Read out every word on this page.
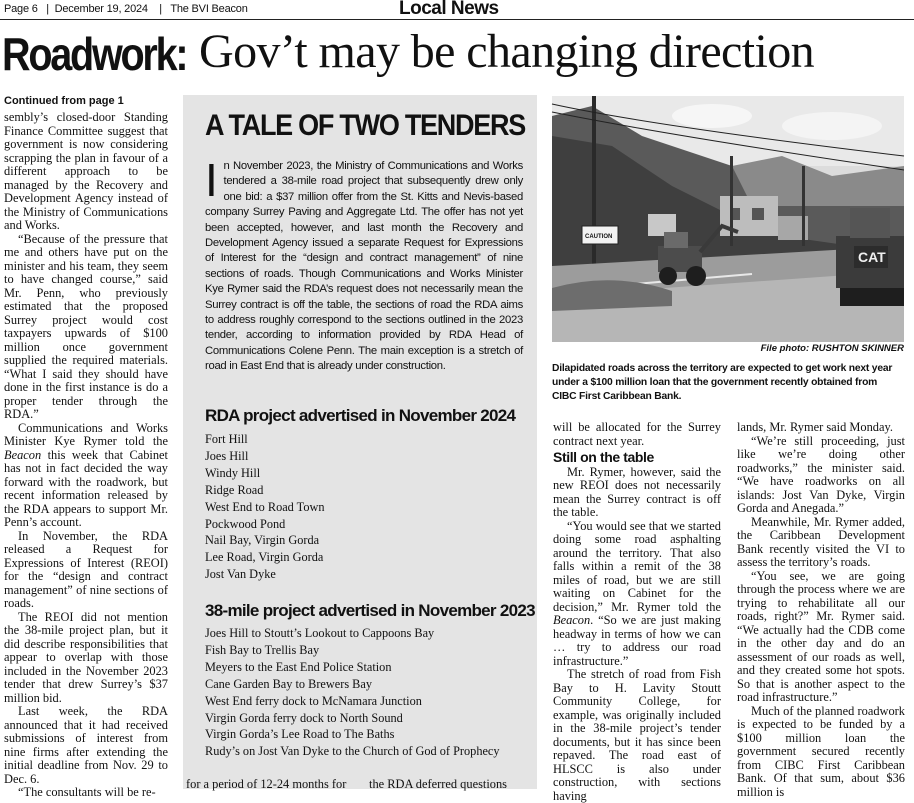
Page 6   |  December 19, 2024    |   The BVI Beacon	Local News
Roadwork: Gov’t may be changing direction
Continued from page 1

sembly’s closed-door Standing Finance Committee suggest that government is now considering scrapping the plan in favour of a different approach to be managed by the Recovery and Development Agency instead of the Ministry of Communications and Works.

“Because of the pressure that me and others have put on the minister and his team, they seem to have changed course,” said Mr. Penn, who previously estimated that the proposed Surrey project would cost taxpayers upwards of $100 million once government supplied the required materials. “What I said they should have done in the first instance is do a proper tender through the RDA.”

Communications and Works Minister Kye Rymer told the Beacon this week that Cabinet has not in fact decided the way forward with the roadwork, but recent information released by the RDA appears to support Mr. Penn’s account.

In November, the RDA released a Request for Expressions of Interest (REOI) for the “design and contract management” of nine sections of roads.

The REOI did not mention the 38-mile project plan, but it did describe responsibilities that appear to overlap with those included in the November 2023 tender that drew Surrey’s $37 million bid.

Last week, the RDA announced that it had received submissions of interest from nine firms after extending the initial deadline from Nov. 29 to Dec. 6.

“The consultants will be re-

A TALE OF TWO TENDERS
In November 2023, the Ministry of Communications and Works tendered a 38-mile road project that subsequently drew only one bid: a $37 million offer from the St. Kitts and Nevis-based company Surrey Paving and Aggregate Ltd. The offer has not yet been accepted, however, and last month the Recovery and Development Agency issued a separate Request for Expressions of Interest for the “design and contract management” of nine sections of roads. Though Communications and Works Minister Kye Rymer said the RDA’s request does not necessarily mean the Surrey contract is off the table, the sections of road the RDA aims to address roughly correspond to the sections outlined in the 2023 tender, according to information provided by RDA Head of Communications Colene Penn. The main exception is a stretch of road in East End that is already under construction.
RDA project advertised in November 2024
Fort Hill
Joes Hill
Windy Hill
Ridge Road
West End to Road Town
Pockwood Pond
Nail Bay, Virgin Gorda
Lee Road, Virgin Gorda
Jost Van Dyke
38-mile project advertised in November 2023
Joes Hill to Stoutt’s Lookout to Cappoons Bay
Fish Bay to Trellis Bay
Meyers to the East End Police Station
Cane Garden Bay to Brewers Bay
West End ferry dock to McNamara Junction
Virgin Gorda ferry dock to North Sound
Virgin Gorda’s Lee Road to The Baths
Rudy’s on Jost Van Dyke to the Church of God of Prophecy
for a period of 12-24 months for the RDA deferred questions
CAT
CAUTION
File photo: RUSHTON SKINNER
Dilapidated roads across the territory are expected to get work next year under a $100 million loan that the government recently obtained from CIBC First Caribbean Bank.

will be allocated for the Surrey contract next year.

Still on the table

Mr. Rymer, however, said the new REOI does not necessarily mean the Surrey contract is off the table.

“You would see that we started doing some road asphalting around the territory. That also falls within a remit of the 38 miles of road, but we are still waiting on Cabinet for the decision,” Mr. Rymer told the Beacon. “So we are just making headway in terms of how we can … try to address our road infrastructure.”

The stretch of road from Fish Bay to H. Lavity Stoutt Community College, for example, was originally included in the 38-mile project’s tender documents, but it has since been repaved. The road east of HLSCC is also under construction, with sections having

lands, Mr. Rymer said Monday.

“We’re still proceeding, just like we’re doing other roadworks,” the minister said. “We have roadworks on all islands: Jost Van Dyke, Virgin Gorda and Anegada.”

Meanwhile, Mr. Rymer added, the Caribbean Development Bank recently visited the VI to assess the territory’s roads.

“You see, we are going through the process where we are trying to rehabilitate all our roads, right?” Mr. Rymer said. “We actually had the CDB come in the other day and do an assessment of our roads as well, and they created some hot spots. So that is another aspect to the road infrastructure.”

Much of the planned roadwork is expected to be funded by a $100 million loan the government secured recently from CIBC First Caribbean Bank. Of that sum, about $36 million is
